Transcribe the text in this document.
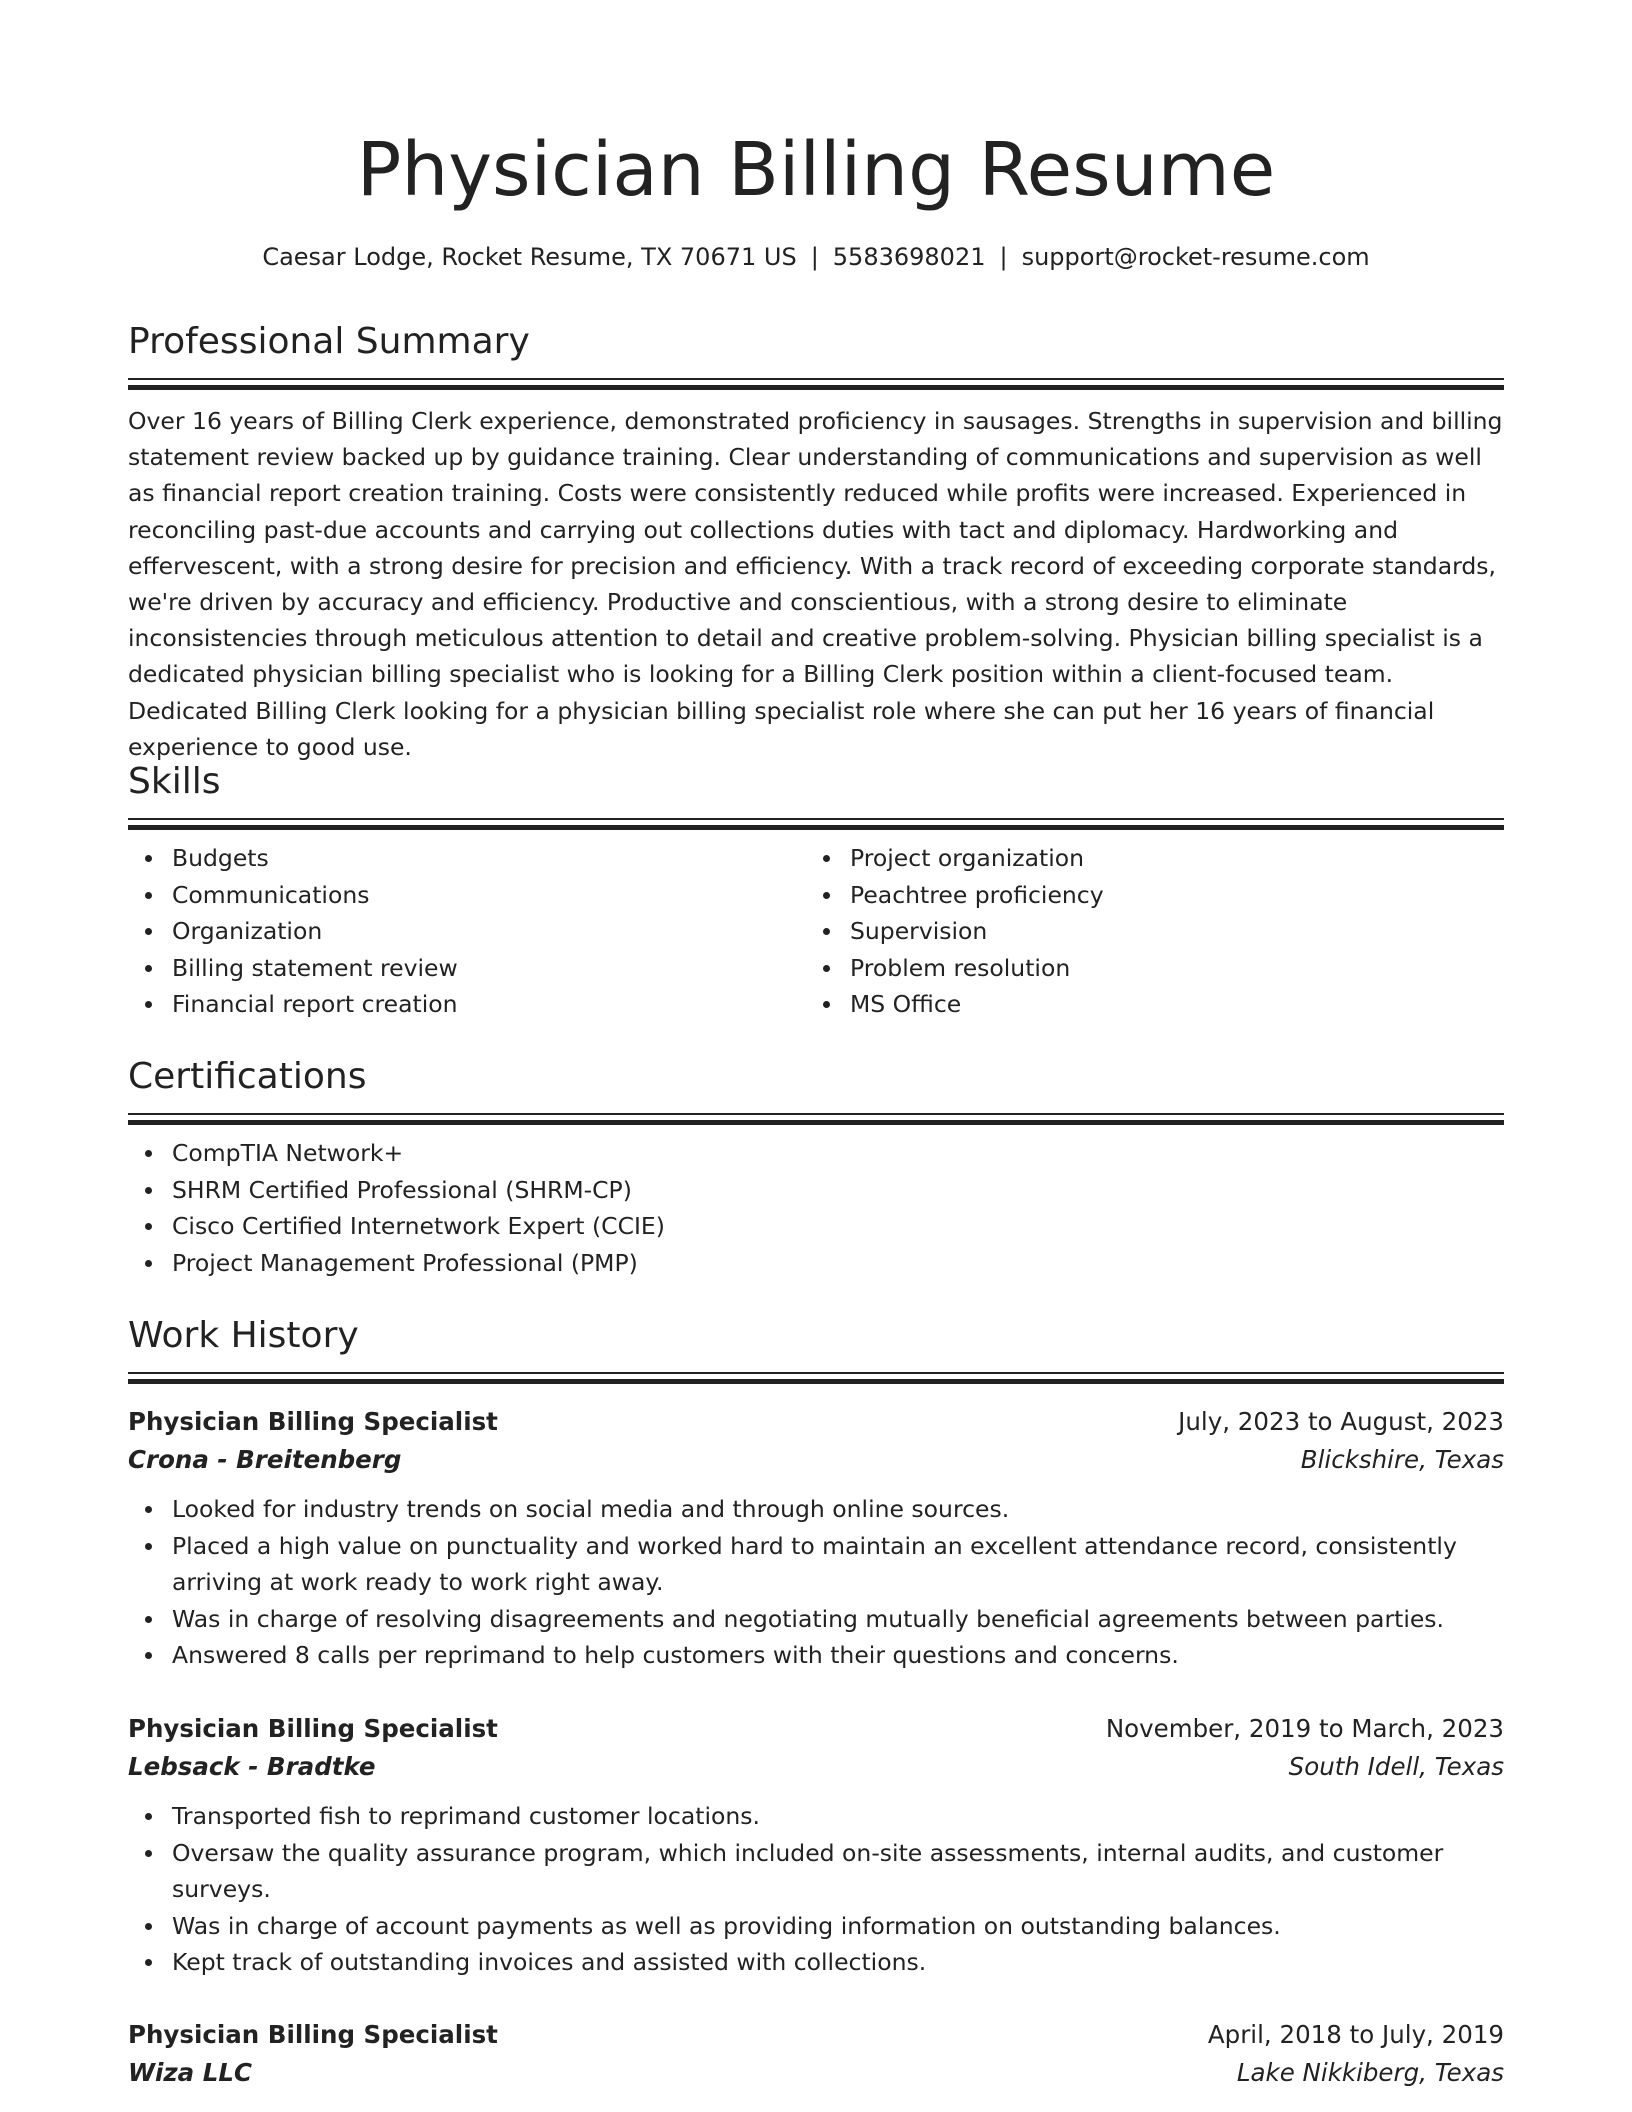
Physician Billing Resume
Caesar Lodge, Rocket Resume, TX 70671 US | 5583698021 | support@rocket-resume.com
Professional Summary

Over 16 years of Billing Clerk experience, demonstrated proficiency in sausages. Strengths in supervision and billing statement review backed up by guidance training. Clear understanding of communications and supervision as well as financial report creation training. Costs were consistently reduced while profits were increased. Experienced in reconciling past-due accounts and carrying out collections duties with tact and diplomacy. Hardworking and effervescent, with a strong desire for precision and efficiency. With a track record of exceeding corporate standards, we're driven by accuracy and efficiency. Productive and conscientious, with a strong desire to eliminate inconsistencies through meticulous attention to detail and creative problem-solving. Physician billing specialist is a dedicated physician billing specialist who is looking for a Billing Clerk position within a client-focused team. Dedicated Billing Clerk looking for a physician billing specialist role where she can put her 16 years of financial experience to good use.

Skills
Budgets
Communications
Organization
Billing statement review
Financial report creation
Project organization
Peachtree proficiency
Supervision
Problem resolution
MS Office
Certifications
CompTIA Network+
SHRM Certified Professional (SHRM-CP)
Cisco Certified Internetwork Expert (CCIE)
Project Management Professional (PMP)
Work History
Physician Billing Specialist	July, 2023 to August, 2023
Crona - Breitenberg	Blickshire, Texas
Looked for industry trends on social media and through online sources.
Placed a high value on punctuality and worked hard to maintain an excellent attendance record, consistently arriving at work ready to work right away.
Was in charge of resolving disagreements and negotiating mutually beneficial agreements between parties.
Answered 8 calls per reprimand to help customers with their questions and concerns.
Physician Billing Specialist	November, 2019 to March, 2023
Lebsack - Bradtke	South Idell, Texas
Transported fish to reprimand customer locations.
Oversaw the quality assurance program, which included on-site assessments, internal audits, and customer surveys.
Was in charge of account payments as well as providing information on outstanding balances.
Kept track of outstanding invoices and assisted with collections.
Physician Billing Specialist	April, 2018 to July, 2019
Wiza LLC	Lake Nikkiberg, Texas
